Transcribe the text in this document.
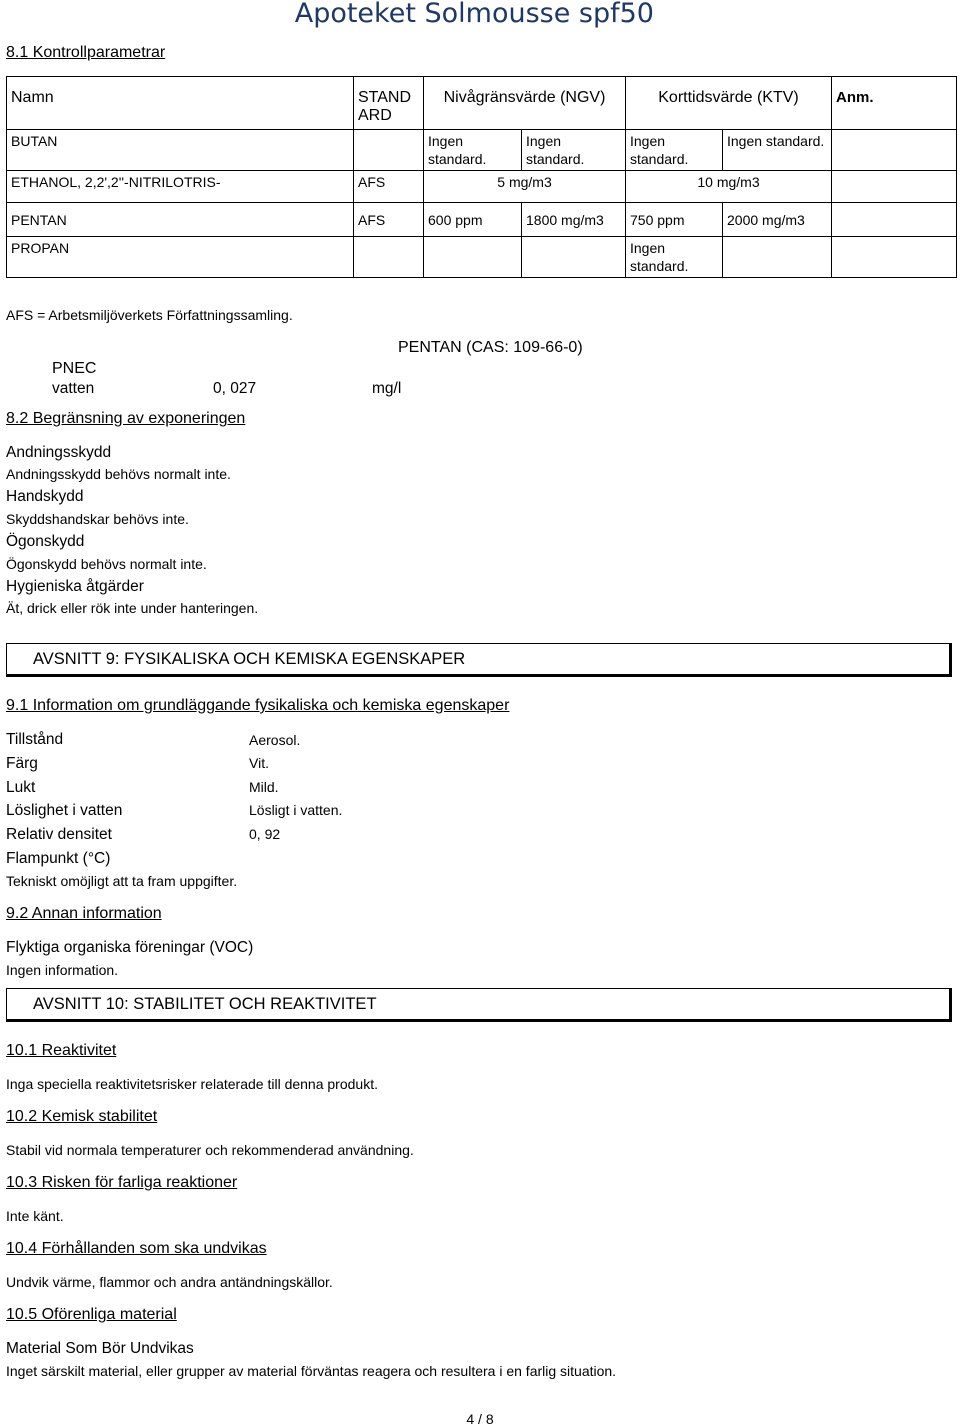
Apoteket Solmousse spf50
8.1 Kontrollparametrar
Namn	STAND ARD	Nivågränsvärde (NGV)		Korttidsvärde (KTV)		Anm.
BUTAN		Ingen standard.	Ingen standard.	Ingen standard.	Ingen standard.	
ETHANOL, 2,2',2''-NITRILOTRIS-	AFS	5 mg/m3		10 mg/m3		
PENTAN	AFS	600 ppm	1800 mg/m3	750 ppm	2000 mg/m3	
PROPAN				Ingen standard.		
AFS = Arbetsmiljöverkets Författningssamling.
PENTAN (CAS: 109-66-0)
PNEC
vatten	0, 027	mg/l
8.2 Begränsning av exponeringen
Andningsskydd
Andningsskydd behövs normalt inte.
Handskydd
Skyddshandskar behövs inte.
Ögonskydd
Ögonskydd behövs normalt inte.
Hygieniska åtgärder
Ät, drick eller rök inte under hanteringen.
AVSNITT 9: FYSIKALISKA OCH KEMISKA EGENSKAPER
9.1 Information om grundläggande fysikaliska och kemiska egenskaper
Tillstånd	Aerosol.
Färg	Vit.
Lukt	Mild.
Löslighet i vatten	Lösligt i vatten.
Relativ densitet	0, 92
Flampunkt (°C)
Tekniskt omöjligt att ta fram uppgifter.
9.2 Annan information
Flyktiga organiska föreningar (VOC)
Ingen information.
AVSNITT 10: STABILITET OCH REAKTIVITET
10.1 Reaktivitet
Inga speciella reaktivitetsrisker relaterade till denna produkt.
10.2 Kemisk stabilitet
Stabil vid normala temperaturer och rekommenderad användning.
10.3 Risken för farliga reaktioner
Inte känt.
10.4 Förhållanden som ska undvikas
Undvik värme, flammor och andra antändningskällor.
10.5 Oförenliga material
Material Som Bör Undvikas
Inget särskilt material, eller grupper av material förväntas reagera och resultera i en farlig situation.
4 / 8
